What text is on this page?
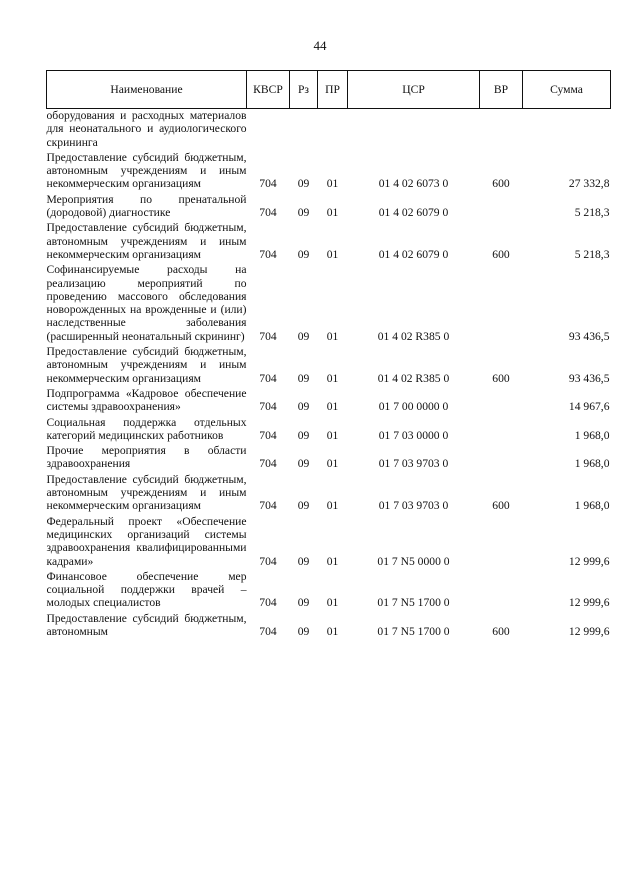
44
Наименование	КВСР	Рз	ПР	ЦСР	ВР	Сумма
оборудования и расходных материалов для неонатального и аудиологического скрининга						
Предоставление субсидий бюджетным, автономным учреждениям и иным некоммерческим организациям	704	09	01	01 4 02 6073 0	600	27 332,8
Мероприятия по пренатальной (дородовой) диагностике	704	09	01	01 4 02 6079 0		5 218,3
Предоставление субсидий бюджетным, автономным учреждениям и иным некоммерческим организациям	704	09	01	01 4 02 6079 0	600	5 218,3
Софинансируемые расходы на реализацию мероприятий по проведению массового обследования новорожденных на врожденные и (или) наследственные заболевания (расширенный неонатальный скрининг)	704	09	01	01 4 02 R385 0		93 436,5
Предоставление субсидий бюджетным, автономным учреждениям и иным некоммерческим организациям	704	09	01	01 4 02 R385 0	600	93 436,5
Подпрограмма «Кадровое обеспечение системы здравоохранения»	704	09	01	01 7 00 0000 0		14 967,6
Социальная поддержка отдельных категорий медицинских работников	704	09	01	01 7 03 0000 0		1 968,0
Прочие мероприятия в области здравоохранения	704	09	01	01 7 03 9703 0		1 968,0
Предоставление субсидий бюджетным, автономным учреждениям и иным некоммерческим организациям	704	09	01	01 7 03 9703 0	600	1 968,0
Федеральный проект «Обеспечение медицинских организаций системы здравоохранения квалифицированными кадрами»	704	09	01	01 7 N5 0000 0		12 999,6
Финансовое обеспечение мер социальной поддержки врачей – молодых специалистов	704	09	01	01 7 N5 1700 0		12 999,6
Предоставление субсидий бюджетным, автономным	704	09	01	01 7 N5 1700 0	600	12 999,6
